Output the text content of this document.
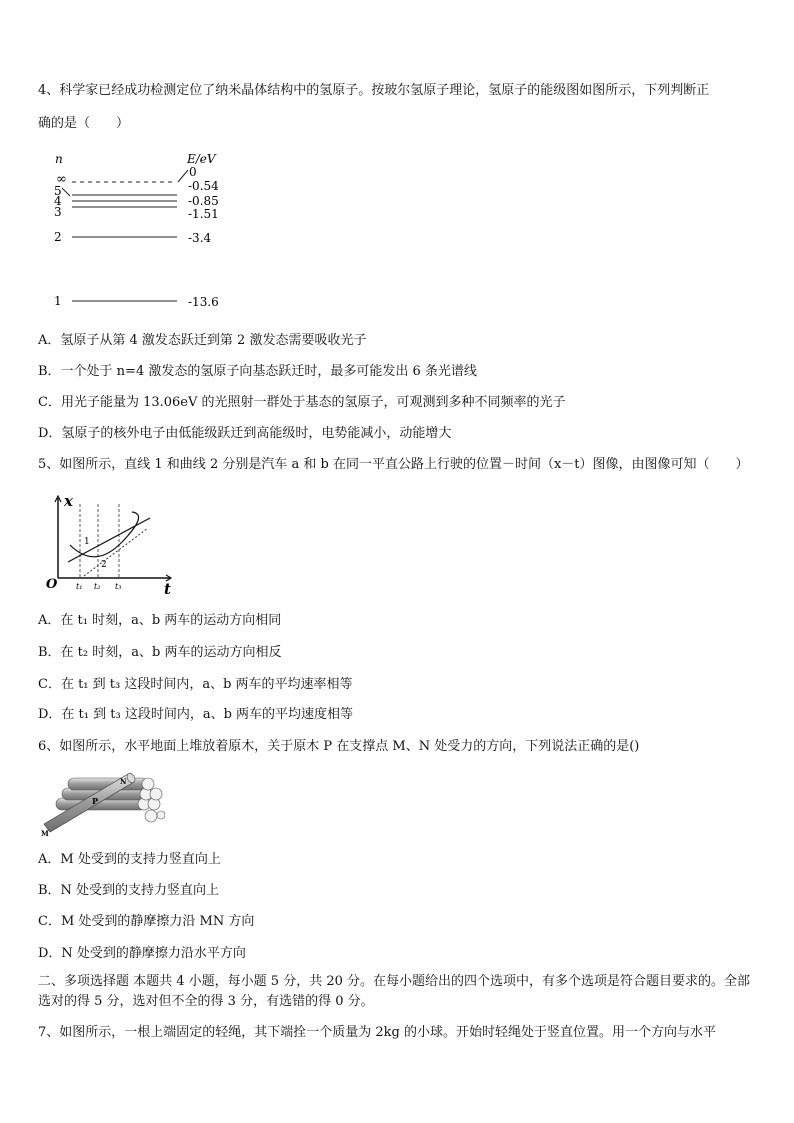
4、科学家已经成功检测定位了纳米晶体结构中的氢原子。按玻尔氢原子理论，氢原子的能级图如图所示，下列判断正
确的是（　　）
n	E/eV
∞
5
4
3
2
1
0
-0.54
-0.85
-1.51
-3.4
-13.6
A．氢原子从第 4 激发态跃迁到第 2 激发态需要吸收光子
B．一个处于 n=4 激发态的氢原子向基态跃迁时，最多可能发出 6 条光谱线
C．用光子能量为 13.06eV 的光照射一群处于基态的氢原子，可观测到多种不同频率的光子
D．氢原子的核外电子由低能级跃迁到高能级时，电势能减小，动能增大
5、如图所示，直线 1 和曲线 2 分别是汽车 a 和 b 在同一平直公路上行驶的位置－时间（x－t）图像，由图像可知（　　）
x
t
O
1
2
t₁ t₂ t₃
A．在 t₁ 时刻，a、b 两车的运动方向相同
B．在 t₂ 时刻，a、b 两车的运动方向相反
C．在 t₁ 到 t₃ 这段时间内，a、b 两车的平均速率相等
D．在 t₁ 到 t₃ 这段时间内，a、b 两车的平均速度相等
6、如图所示，水平地面上堆放着原木，关于原木 P 在支撑点 M、N 处受力的方向，下列说法正确的是()
P
N
M
A．M 处受到的支持力竖直向上
B．N 处受到的支持力竖直向上
C．M 处受到的静摩擦力沿 MN 方向
D．N 处受到的静摩擦力沿水平方向
二、多项选择题 本题共 4 小题，每小题 5 分，共 20 分。在每小题给出的四个选项中，有多个选项是符合题目要求的。全部选对的得 5 分，选对但不全的得 3 分，有选错的得 0 分。
7、如图所示，一根上端固定的轻绳，其下端拴一个质量为 2kg 的小球。开始时轻绳处于竖直位置。用一个方向与水平
